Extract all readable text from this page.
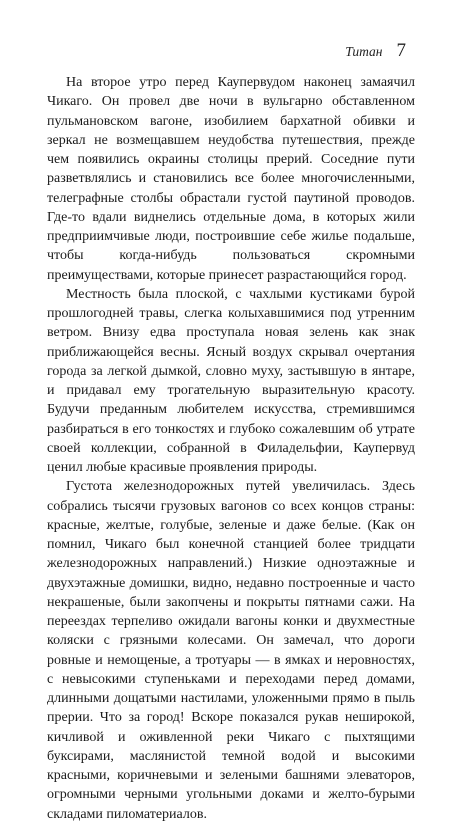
Титан 7

На второе утро перед Каупервудом наконец замаячил Чикаго. Он провел две ночи в вульгарно обставленном пульмановском вагоне, изобилием бархатной обивки и зеркал не возмещавшем неудобства путешествия, прежде чем появились окраины столицы прерий. Соседние пути разветвлялись и становились все более многочисленными, телеграфные столбы обрастали густой паутиной проводов. Где-то вдали виднелись отдельные дома, в которых жили предприимчивые люди, построившие себе жилье подальше, чтобы когда-нибудь пользоваться скромными преимуществами, которые принесет разрастающийся город.

Местность была плоской, с чахлыми кустиками бурой прошлогодней травы, слегка колыхавшимися под утренним ветром. Внизу едва проступала новая зелень как знак приближающейся весны. Ясный воздух скрывал очертания города за легкой дымкой, словно муху, застывшую в янтаре, и придавал ему трогательную выразительную красоту. Будучи преданным любителем искусства, стремившимся разбираться в его тонкостях и глубоко сожалевшим об утрате своей коллекции, собранной в Филадельфии, Каупервуд ценил любые красивые проявления природы.

Густота железнодорожных путей увеличилась. Здесь собрались тысячи грузовых вагонов со всех концов страны: красные, желтые, голубые, зеленые и даже белые. (Как он помнил, Чикаго был конечной станцией более тридцати железнодорожных направлений.) Низкие одноэтажные и двухэтажные домишки, видно, недавно построенные и часто некрашеные, были закопчены и покрыты пятнами сажи. На переездах терпеливо ожидали вагоны конки и двухместные коляски с грязными колесами. Он замечал, что дороги ровные и немощеные, а тротуары — в ямках и неровностях, с невысокими ступеньками и переходами перед домами, длинными дощатыми настилами, уложенными прямо в пыль прерии. Что за город! Вскоре показался рукав неширокой, кичливой и оживленной реки Чикаго с пыхтящими буксирами, маслянистой темной водой и высокими красными, коричневыми и зелеными башнями элеваторов, огромными черными угольными доками и желто-бурыми складами пиломатериалов.
